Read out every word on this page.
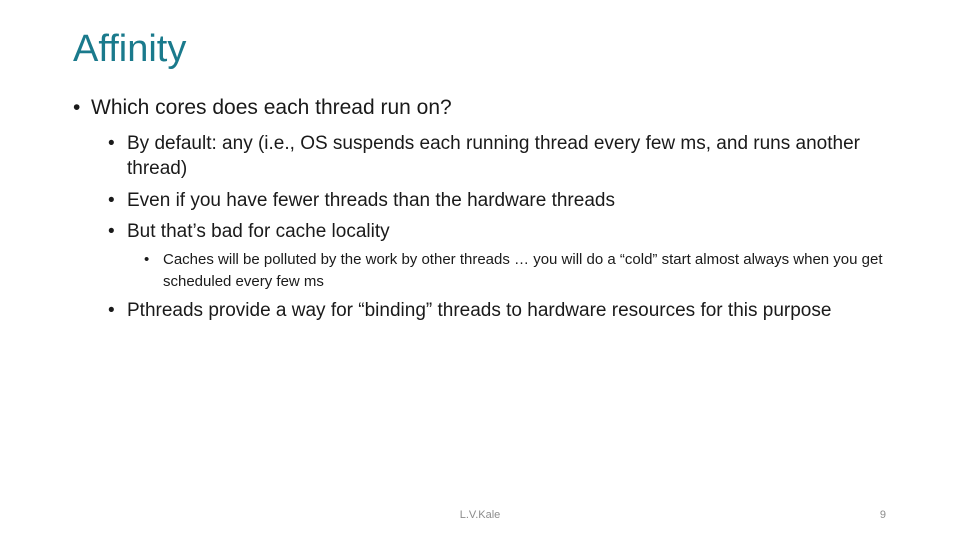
Affinity
• Which cores does each thread run on?
• By default: any (i.e., OS suspends each running thread every few ms, and runs another thread)
• Even if you have fewer threads than the hardware threads
• But that’s bad for cache locality
• Caches will be polluted by the work by other threads … you will do a “cold” start almost always when you get scheduled every few ms
• Pthreads provide a way for “binding” threads to hardware resources for this purpose
L.V.Kale	9
